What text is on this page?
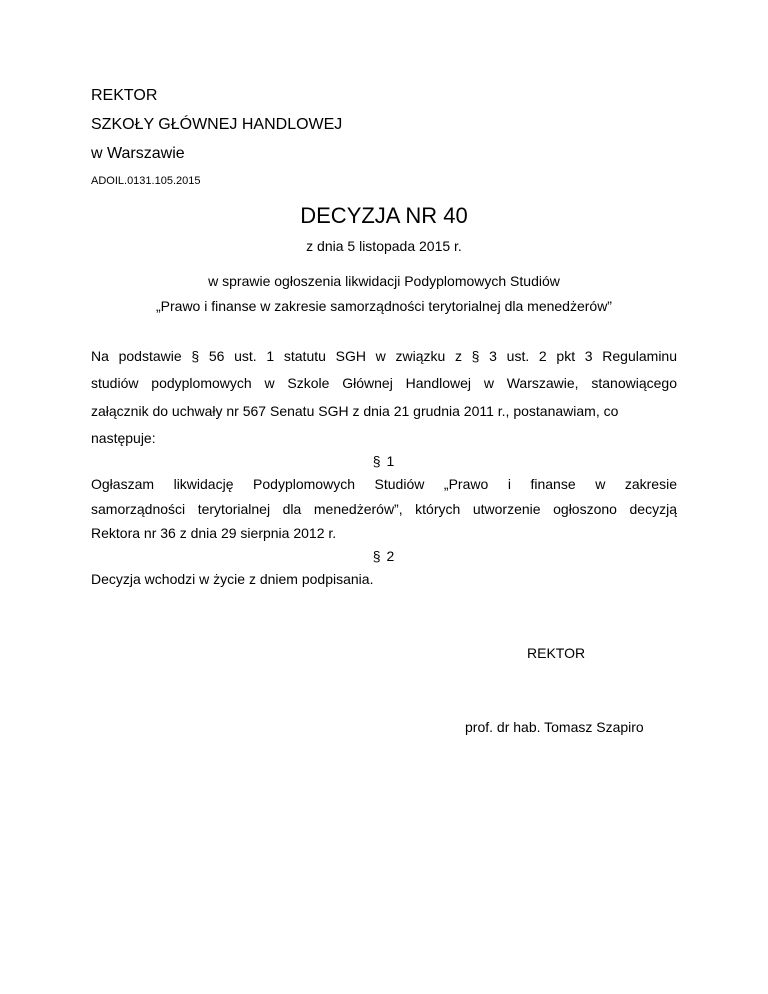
REKTOR
SZKOŁY GŁÓWNEJ HANDLOWEJ
w Warszawie
ADOIL.0131.105.2015
DECYZJA NR 40
z dnia 5 listopada 2015 r.
w sprawie ogłoszenia likwidacji Podyplomowych Studiów
„Prawo i finanse w zakresie samorządności terytorialnej dla menedżerów”
Na podstawie § 56 ust. 1 statutu SGH w związku z § 3 ust. 2 pkt 3 Regulaminu
studiów podyplomowych w Szkole Głównej Handlowej w Warszawie, stanowiącego
załącznik do uchwały nr 567 Senatu SGH z dnia 21 grudnia 2011 r., postanawiam, co
następuje:
§ 1
Ogłaszam likwidację Podyplomowych Studiów „Prawo i finanse w zakresie
samorządności terytorialnej dla menedżerów”, których utworzenie ogłoszono decyzją
Rektora nr 36 z dnia 29 sierpnia 2012 r.
§ 2
Decyzja wchodzi w życie z dniem podpisania.
REKTOR
prof. dr hab. Tomasz Szapiro
